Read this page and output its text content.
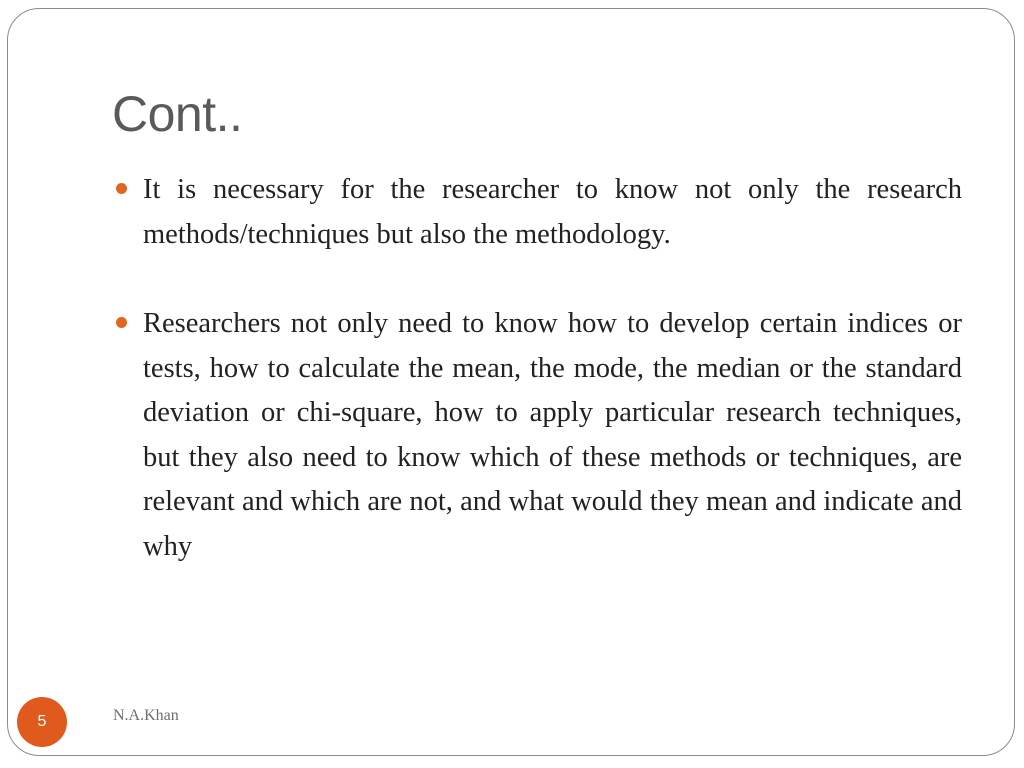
Cont..
It is necessary for the researcher to know not only the research methods/techniques but also the methodology.
Researchers not only need to know how to develop certain indices or tests, how to calculate the mean, the mode, the median or the standard deviation or chi-square, how to apply particular research techniques, but they also need to know which of these methods or techniques, are relevant and which are not, and what would they mean and indicate and why
5	N.A.Khan
